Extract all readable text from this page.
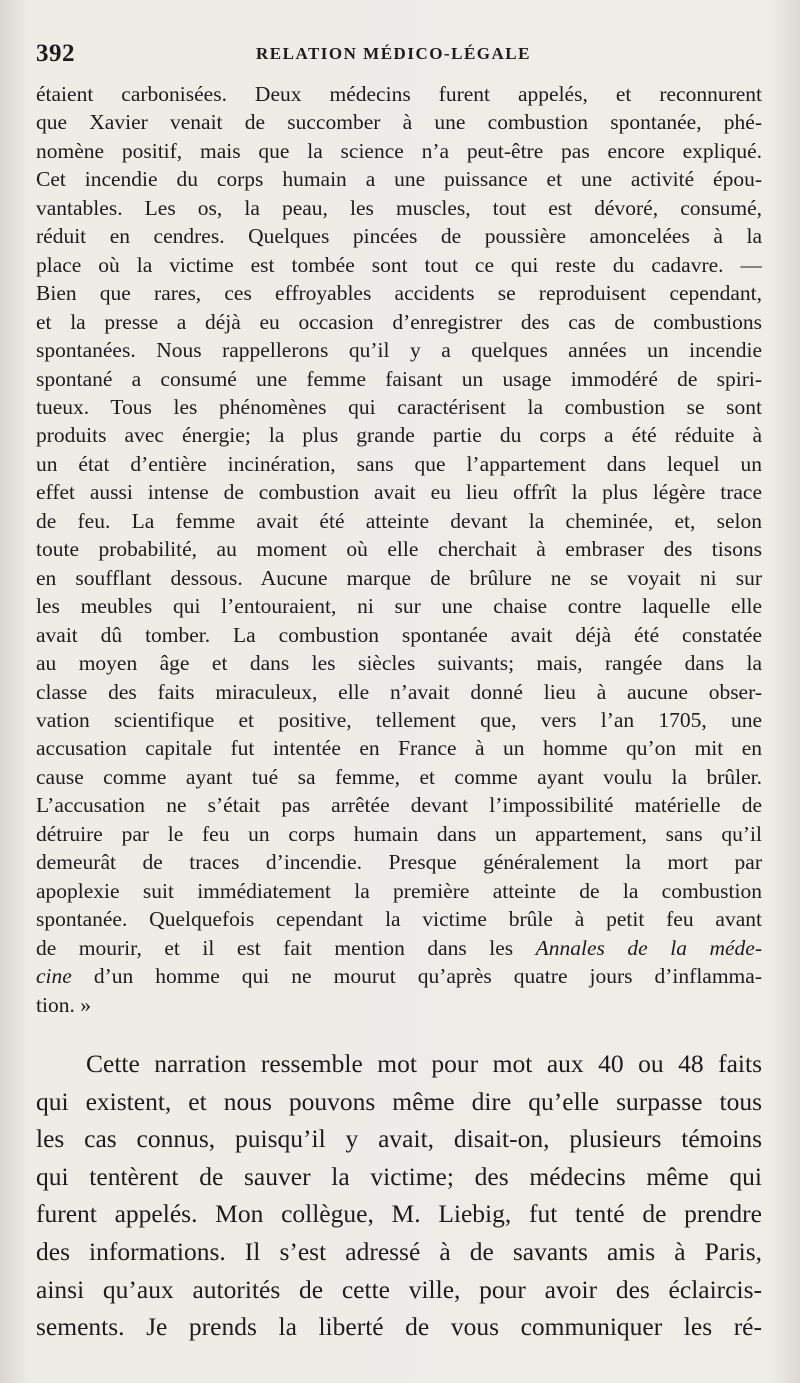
392	RELATION MÉDICO-LÉGALE
étaient carbonisées. Deux médecins furent appelés, et reconnurent
que Xavier venait de succomber à une combustion spontanée, phé-
nomène positif, mais que la science n’a peut-être pas encore expliqué.
Cet incendie du corps humain a une puissance et une activité épou-
vantables. Les os, la peau, les muscles, tout est dévoré, consumé,
réduit en cendres. Quelques pincées de poussière amoncelées à la
place où la victime est tombée sont tout ce qui reste du cadavre. —
Bien que rares, ces effroyables accidents se reproduisent cependant,
et la presse a déjà eu occasion d’enregistrer des cas de combustions
spontanées. Nous rappellerons qu’il y a quelques années un incendie
spontané a consumé une femme faisant un usage immodéré de spiri-
tueux. Tous les phénomènes qui caractérisent la combustion se sont
produits avec énergie; la plus grande partie du corps a été réduite à
un état d’entière incinération, sans que l’appartement dans lequel un
effet aussi intense de combustion avait eu lieu offrît la plus légère trace
de feu. La femme avait été atteinte devant la cheminée, et, selon
toute probabilité, au moment où elle cherchait à embraser des tisons
en soufflant dessous. Aucune marque de brûlure ne se voyait ni sur
les meubles qui l’entouraient, ni sur une chaise contre laquelle elle
avait dû tomber. La combustion spontanée avait déjà été constatée
au moyen âge et dans les siècles suivants; mais, rangée dans la
classe des faits miraculeux, elle n’avait donné lieu à aucune obser-
vation scientifique et positive, tellement que, vers l’an 1705, une
accusation capitale fut intentée en France à un homme qu’on mit en
cause comme ayant tué sa femme, et comme ayant voulu la brûler.
L’accusation ne s’était pas arrêtée devant l’impossibilité matérielle de
détruire par le feu un corps humain dans un appartement, sans qu’il
demeurât de traces d’incendie. Presque généralement la mort par
apoplexie suit immédiatement la première atteinte de la combustion
spontanée. Quelquefois cependant la victime brûle à petit feu avant
de mourir, et il est fait mention dans les Annales de la méde-
cine d’un homme qui ne mourut qu’après quatre jours d’inflamma-
tion. »
Cette narration ressemble mot pour mot aux 40 ou 48 faits
qui existent, et nous pouvons même dire qu’elle surpasse tous
les cas connus, puisqu’il y avait, disait-on, plusieurs témoins
qui tentèrent de sauver la victime; des médecins même qui
furent appelés. Mon collègue, M. Liebig, fut tenté de prendre
des informations. Il s’est adressé à de savants amis à Paris,
ainsi qu’aux autorités de cette ville, pour avoir des éclaircis-
sements. Je prends la liberté de vous communiquer les ré-
